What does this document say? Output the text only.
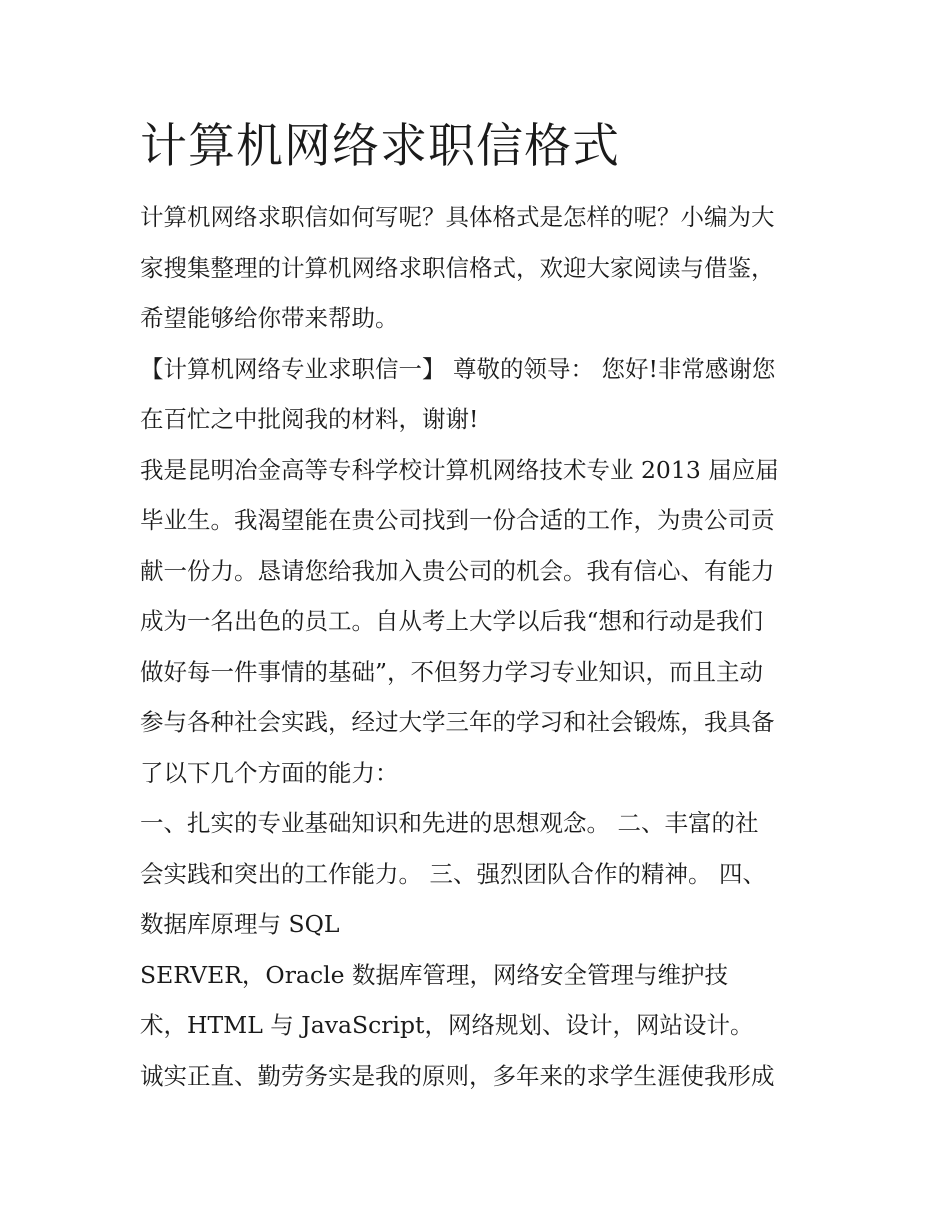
计算机网络求职信格式

计算机网络求职信如何写呢？具体格式是怎样的呢？小编为大

家搜集整理的计算机网络求职信格式，欢迎大家阅读与借鉴，

希望能够给你带来帮助。

【计算机网络专业求职信一】 尊敬的领导： 您好!非常感谢您

在百忙之中批阅我的材料，谢谢!

我是昆明冶金高等专科学校计算机网络技术专业 2013 届应届

毕业生。我渴望能在贵公司找到一份合适的工作，为贵公司贡

献一份力。恳请您给我加入贵公司的机会。我有信心、有能力

成为一名出色的员工。自从考上大学以后我“想和行动是我们

做好每一件事情的基础”，不但努力学习专业知识，而且主动

参与各种社会实践，经过大学三年的学习和社会锻炼，我具备

了以下几个方面的能力：

一、扎实的专业基础知识和先进的思想观念。 二、丰富的社

会实践和突出的工作能力。 三、强烈团队合作的精神。 四、

数据库原理与 SQL

SERVER，Oracle 数据库管理，网络安全管理与维护技

术，HTML 与 JavaScript，网络规划、设计，网站设计。

诚实正直、勤劳务实是我的原则，多年来的求学生涯使我形成
